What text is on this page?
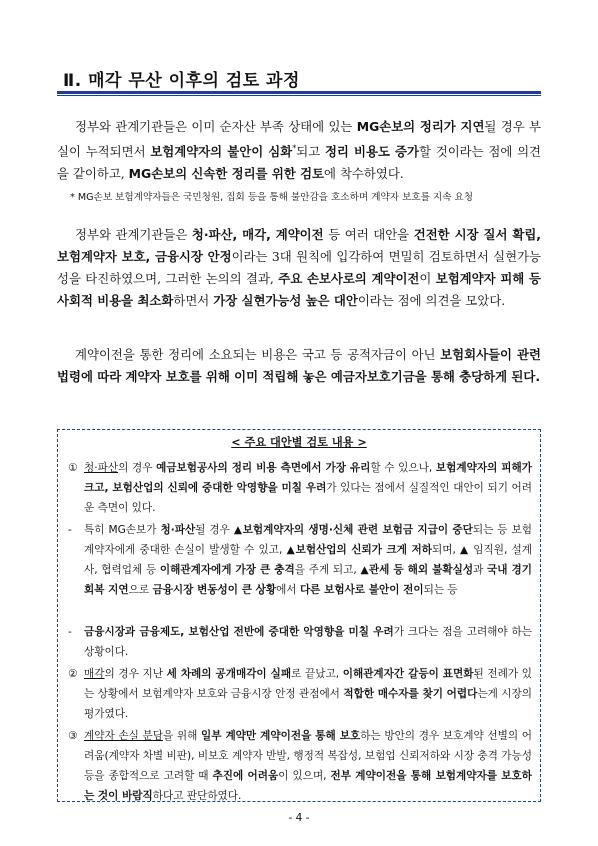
Ⅱ. 매각 무산 이후의 검토 과정
정부와 관계기관들은 이미 순자산 부족 상태에 있는 MG손보의 정리가 지연될 경우 부실이 누적되면서 보험계약자의 불안이 심화*되고 정리 비용도 증가할 것이라는 점에 의견을 같이하고, MG손보의 신속한 정리를 위한 검토에 착수하였다.
* MG손보 보험계약자들은 국민청원, 집회 등을 통해 불안감을 호소하며 계약자 보호를 지속 요청
정부와 관계기관들은 청·파산, 매각, 계약이전 등 여러 대안을 건전한 시장 질서 확립, 보험계약자 보호, 금융시장 안정이라는 3대 원칙에 입각하여 면밀히 검토하면서 실현가능성을 타진하였으며, 그러한 논의의 결과, 주요 손보사로의 계약이전이 보험계약자 피해 등 사회적 비용을 최소화하면서 가장 실현가능성 높은 대안이라는 점에 의견을 모았다.
계약이전을 통한 정리에 소요되는 비용은 국고 등 공적자금이 아닌 보험회사들이 관련 법령에 따라 계약자 보호를 위해 이미 적립해 놓은 예금자보호기금을 통해 충당하게 된다.
< 주요 대안별 검토 내용 >
① 청·파산의 경우 예금보험공사의 정리 비용 측면에서 가장 유리할 수 있으나, 보험계약자의 피해가 크고, 보험산업의 신뢰에 중대한 악영향을 미칠 우려가 있다는 점에서 실질적인 대안이 되기 어려운 측면이 있다.
-	특히 MG손보가 청·파산될 경우 ▲보험계약자의 생명·신체 관련 보험금 지급이 중단되는 등 보험계약자에게 중대한 손실이 발생할 수 있고, ▲보험산업의 신뢰가 크게 저하되며, ▲ 임직원, 설계사, 협력업체 등 이해관계자에게 가장 큰 충격을 주게 되고, ▲관세 등 해외 불확실성과 국내 경기 회복 지연으로 금융시장 변동성이 큰 상황에서 다른 보험사로 불안이 전이되는 등
-	금융시장과 금융제도, 보험산업 전반에 중대한 악영향을 미칠 우려가 크다는 점을 고려해야 하는 상황이다.
② 매각의 경우 지난 세 차례의 공개매각이 실패로 끝났고, 이해관계자간 갈등이 표면화된 전례가 있는 상황에서 보험계약자 보호와 금융시장 안정 관점에서 적합한 매수자를 찾기 어렵다는게 시장의 평가였다.
③ 계약자 손실 분담을 위해 일부 계약만 계약이전을 통해 보호하는 방안의 경우 보호계약 선별의 어려움(계약자 차별 비판), 비보호 계약자 반발, 행정적 복잡성, 보험업 신뢰저하와 시장 충격 가능성 등을 종합적으로 고려할 때 추진에 어려움이 있으며, 전부 계약이전을 통해 보험계약자를 보호하는 것이 바람직하다고 판단하였다.
- 4 -
